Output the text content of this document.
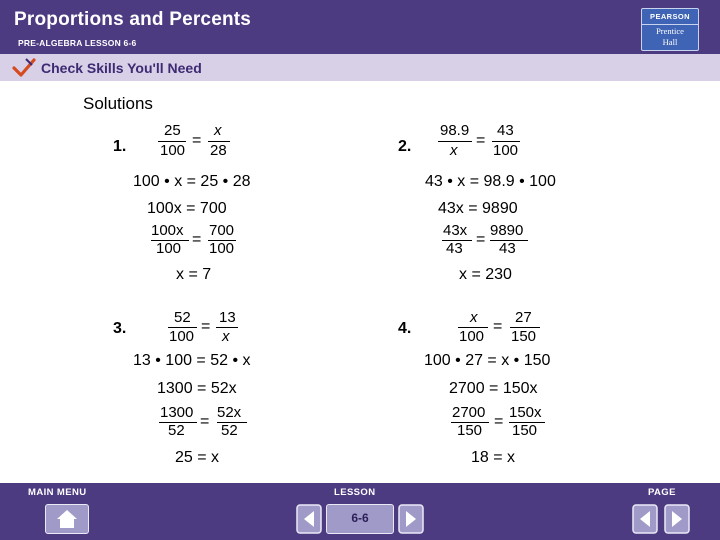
Proportions and Percents
PRE-ALGEBRA LESSON 6-6
PEARSON
Prentice
Hall
Check Skills You'll Need
Solutions
1.
25
100
=
x
28
100 • x = 25 • 28
100x = 700
100x
100
=
700
100
x = 7
2.
98.9
x
=
43
100
43 • x = 98.9 • 100
43x = 9890
43x
43
=
9890
43
x = 230
3.
52
100
=
13
x
13 • 100 = 52 • x
1300 = 52x
1300
52
=
52x
52
25 = x
4.
x
100
=
27
150
100 • 27 = x • 150
2700 = 150x
2700
150
=
150x
150
18 = x
MAIN MENU	LESSON	PAGE
6-6
